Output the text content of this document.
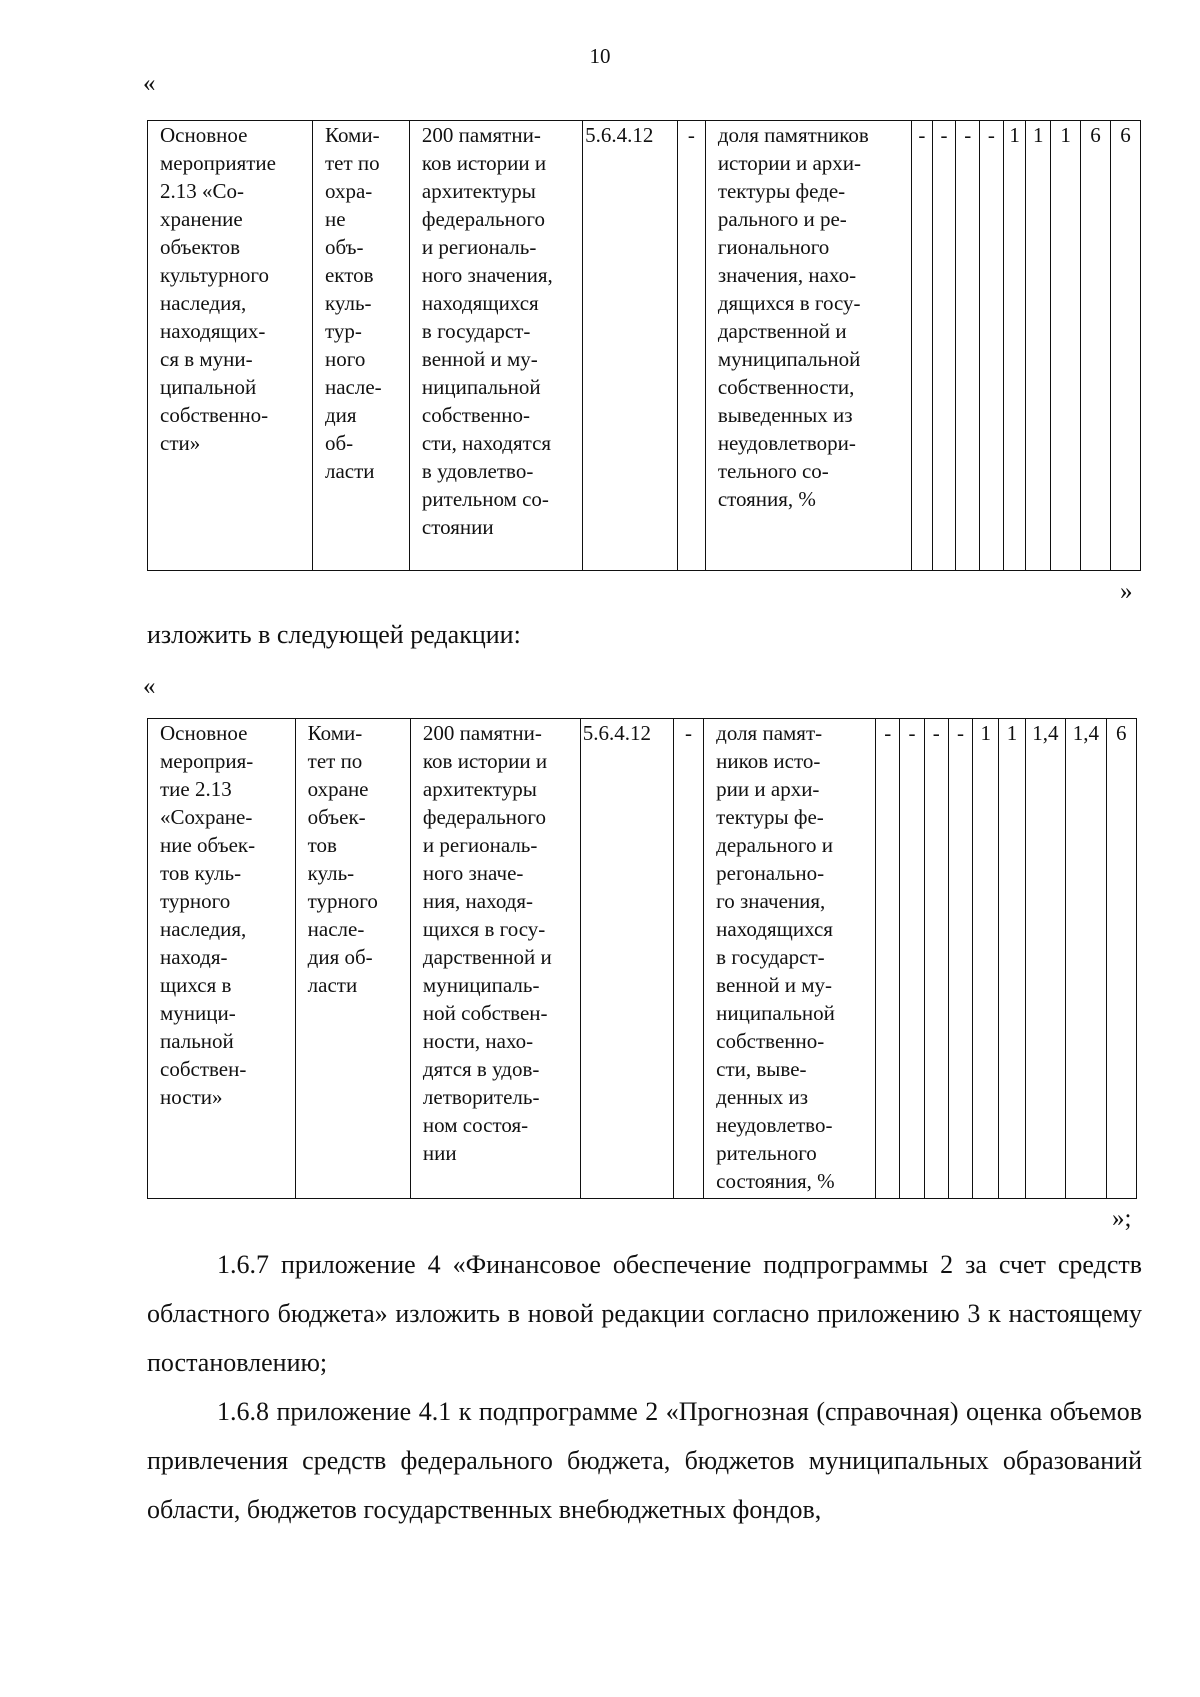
10
«
Основное
мероприятие
2.13 «Со-
хранение
объектов
культурного
наследия,
находящих-
ся в муни-
ципальной
собственно-
сти»	Коми-
тет по
охра-
не
объ-
ектов
куль-
тур-
ного
насле-
дия
об-
ласти	200 памятни-
ков истории и
архитектуры
федерального
и региональ-
ного значения,
находящихся
в государст-
венной и му-
ниципальной
собственно-
сти, находятся
в удовлетво-
рительном со-
стоянии	5.6.4.12	-	доля памятников
истории и архи-
тектуры феде-
рального и ре-
гионального
значения, нахо-
дящихся в госу-
дарственной и
муниципальной
собственности,
выведенных из
неудовлетвори-
тельного со-
стояния, %	-	-	-	-	1	1	1	6	6
»
изложить в следующей редакции:
«
Основное
мероприя-
тие 2.13
«Сохране-
ние объек-
тов куль-
турного
наследия,
находя-
щихся в
муници-
пальной
собствен-
ности»	Коми-
тет по
охране
объек-
тов
куль-
турного
насле-
дия об-
ласти	200 памятни-
ков истории и
архитектуры
федерального
и региональ-
ного значе-
ния, находя-
щихся в госу-
дарственной и
муниципаль-
ной собствен-
ности, нахо-
дятся в удов-
летворитель-
ном состоя-
нии	5.6.4.12	-	доля памят-
ников исто-
рии и архи-
тектуры фе-
дерального и
регонально-
го значения,
находящихся
в государст-
венной и му-
ниципальной
собственно-
сти, выве-
денных из
неудовлетво-
рительного
состояния, %	-	-	-	-	1	1	1,4	1,4	6
»;
1.6.7 приложение 4 «Финансовое обеспечение подпрограммы 2 за счет средств областного бюджета» изложить в новой редакции согласно приложению 3 к настоящему постановлению;
1.6.8 приложение 4.1 к подпрограмме 2 «Прогнозная (справочная) оценка объемов привлечения средств федерального бюджета, бюджетов муниципальных образований области, бюджетов государственных внебюджетных фондов,
